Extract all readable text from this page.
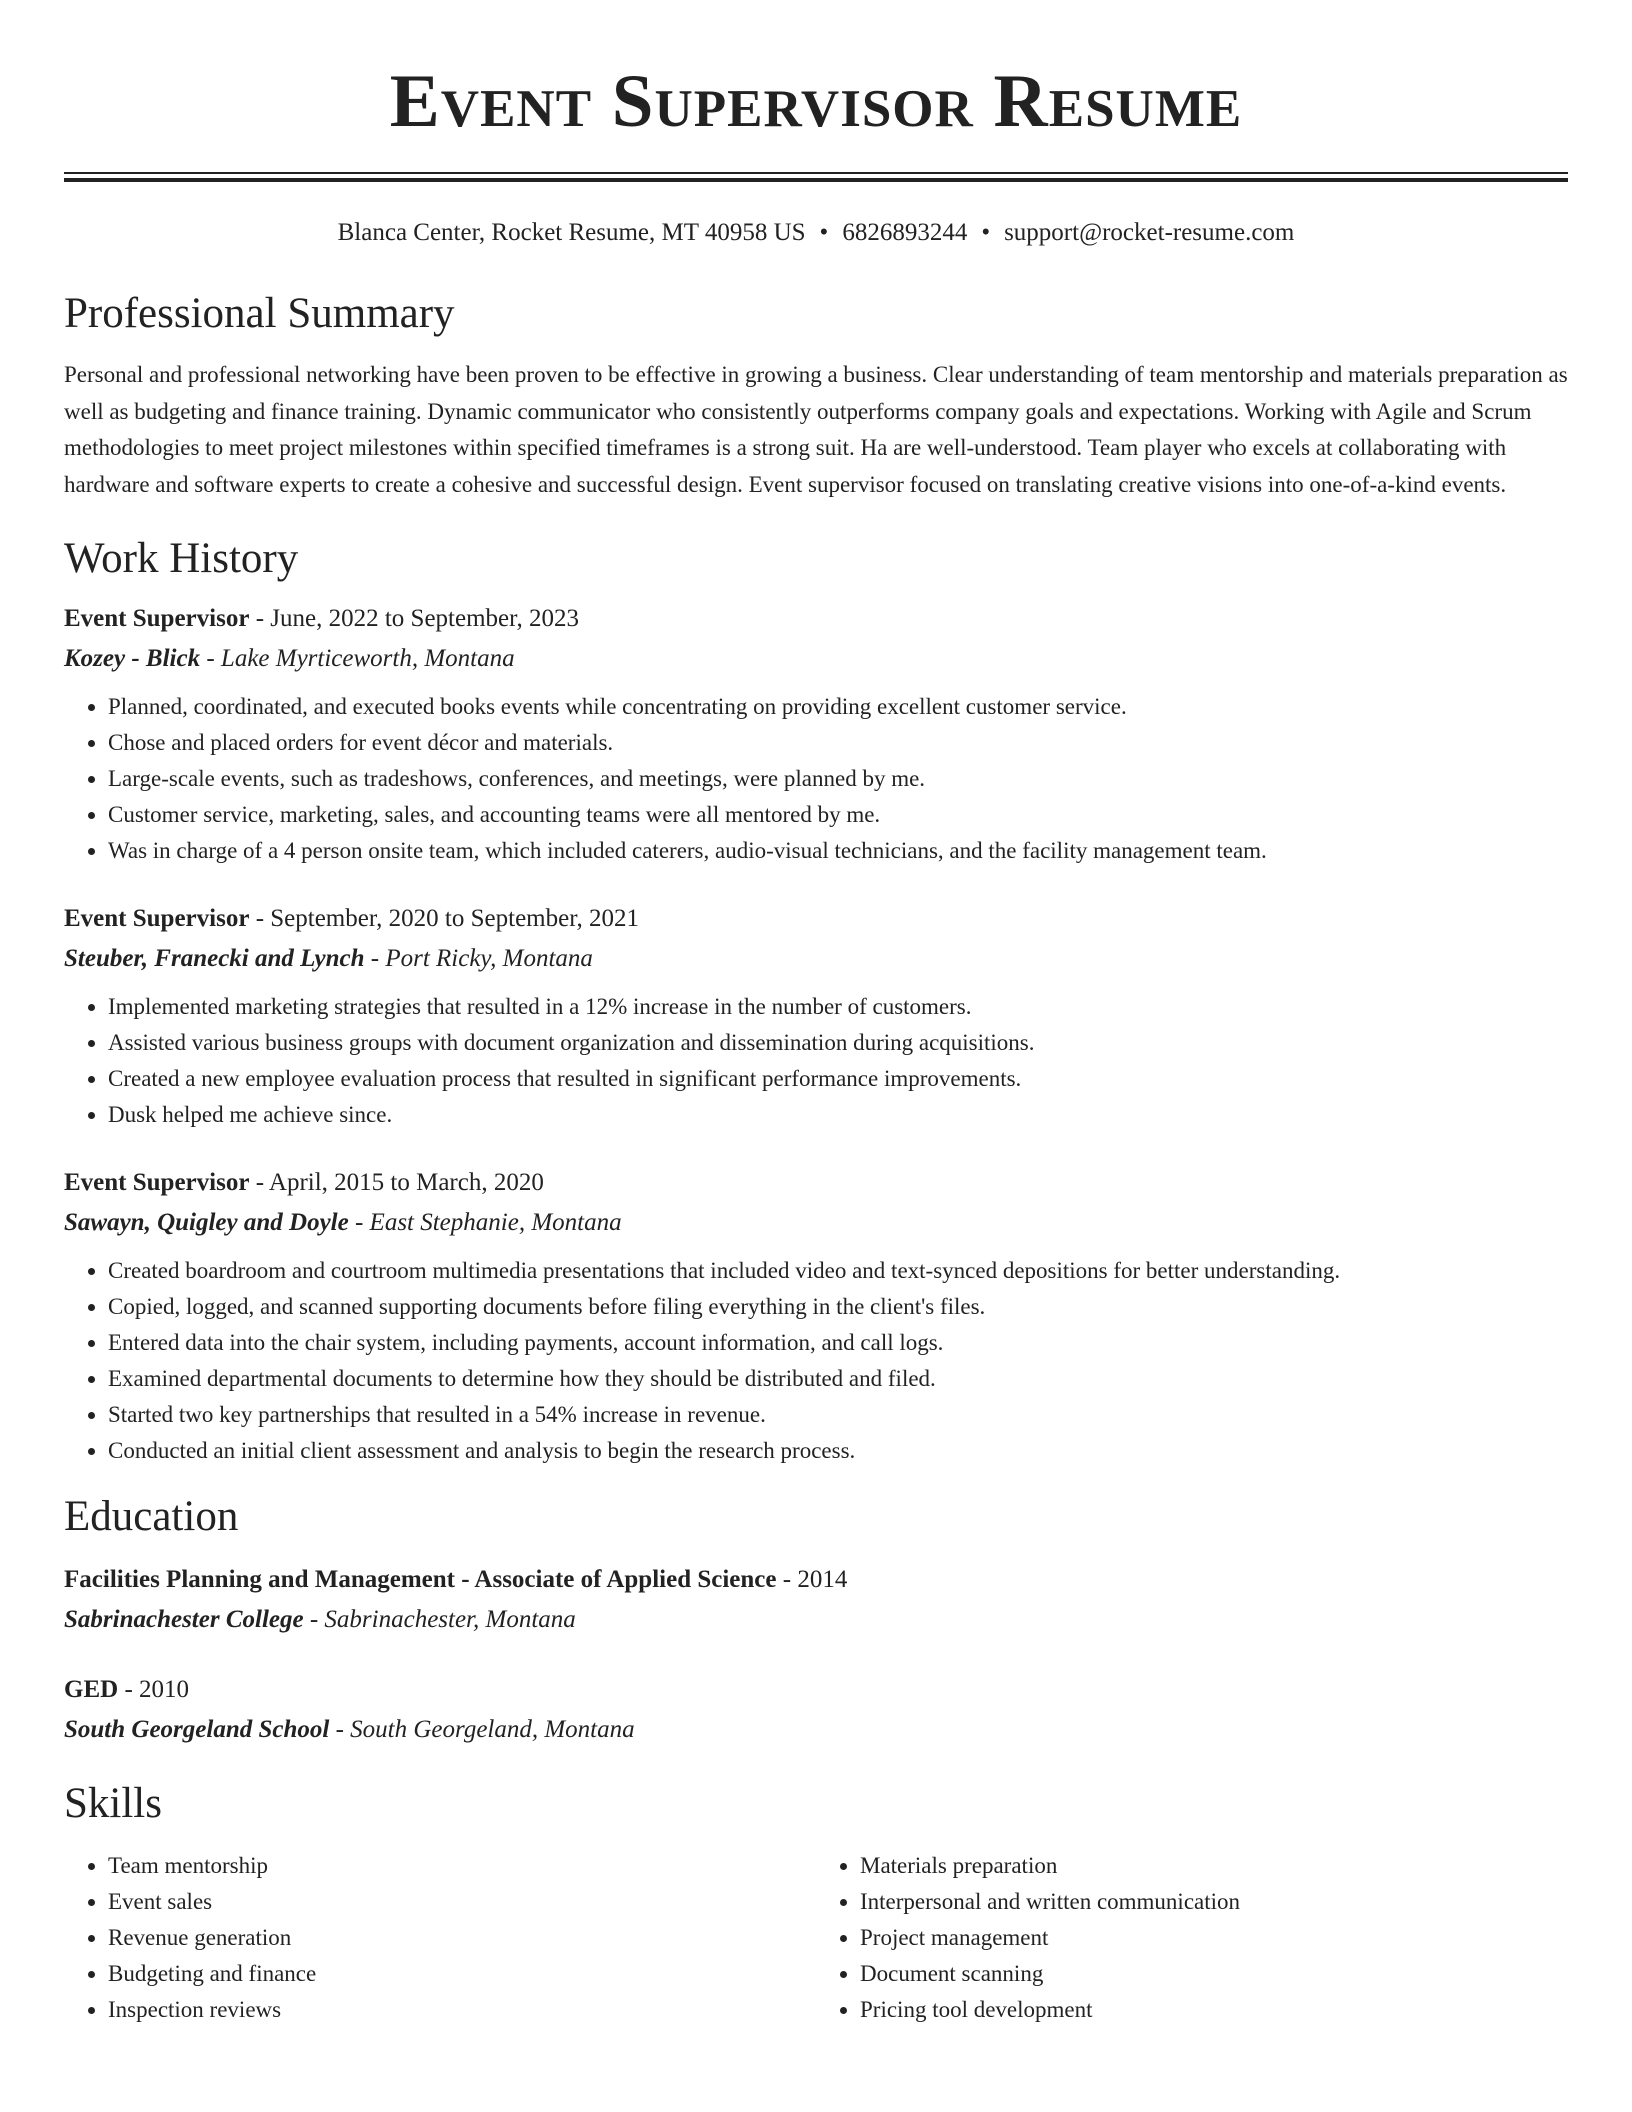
Event Supervisor Resume
Blanca Center, Rocket Resume, MT 40958 US • 6826893244 • support@rocket-resume.com
Professional Summary

Personal and professional networking have been proven to be effective in growing a business. Clear understanding of team mentorship and materials preparation as well as budgeting and finance training. Dynamic communicator who consistently outperforms company goals and expectations. Working with Agile and Scrum methodologies to meet project milestones within specified timeframes is a strong suit. Ha are well-understood. Team player who excels at collaborating with hardware and software experts to create a cohesive and successful design. Event supervisor focused on translating creative visions into one-of-a-kind events.

Work History
Event Supervisor - June, 2022 to September, 2023
Kozey - Blick - Lake Myrticeworth, Montana
• Planned, coordinated, and executed books events while concentrating on providing excellent customer service.
• Chose and placed orders for event décor and materials.
• Large-scale events, such as tradeshows, conferences, and meetings, were planned by me.
• Customer service, marketing, sales, and accounting teams were all mentored by me.
• Was in charge of a 4 person onsite team, which included caterers, audio-visual technicians, and the facility management team.
Event Supervisor - September, 2020 to September, 2021
Steuber, Franecki and Lynch - Port Ricky, Montana
• Implemented marketing strategies that resulted in a 12% increase in the number of customers.
• Assisted various business groups with document organization and dissemination during acquisitions.
• Created a new employee evaluation process that resulted in significant performance improvements.
• Dusk helped me achieve since.
Event Supervisor - April, 2015 to March, 2020
Sawayn, Quigley and Doyle - East Stephanie, Montana
• Created boardroom and courtroom multimedia presentations that included video and text-synced depositions for better understanding.
• Copied, logged, and scanned supporting documents before filing everything in the client's files.
• Entered data into the chair system, including payments, account information, and call logs.
• Examined departmental documents to determine how they should be distributed and filed.
• Started two key partnerships that resulted in a 54% increase in revenue.
• Conducted an initial client assessment and analysis to begin the research process.
Education
Facilities Planning and Management - Associate of Applied Science - 2014
Sabrinachester College - Sabrinachester, Montana
GED - 2010
South Georgeland School - South Georgeland, Montana
Skills
• Team mentorship
• Event sales
• Revenue generation
• Budgeting and finance
• Inspection reviews
• Materials preparation
• Interpersonal and written communication
• Project management
• Document scanning
• Pricing tool development
